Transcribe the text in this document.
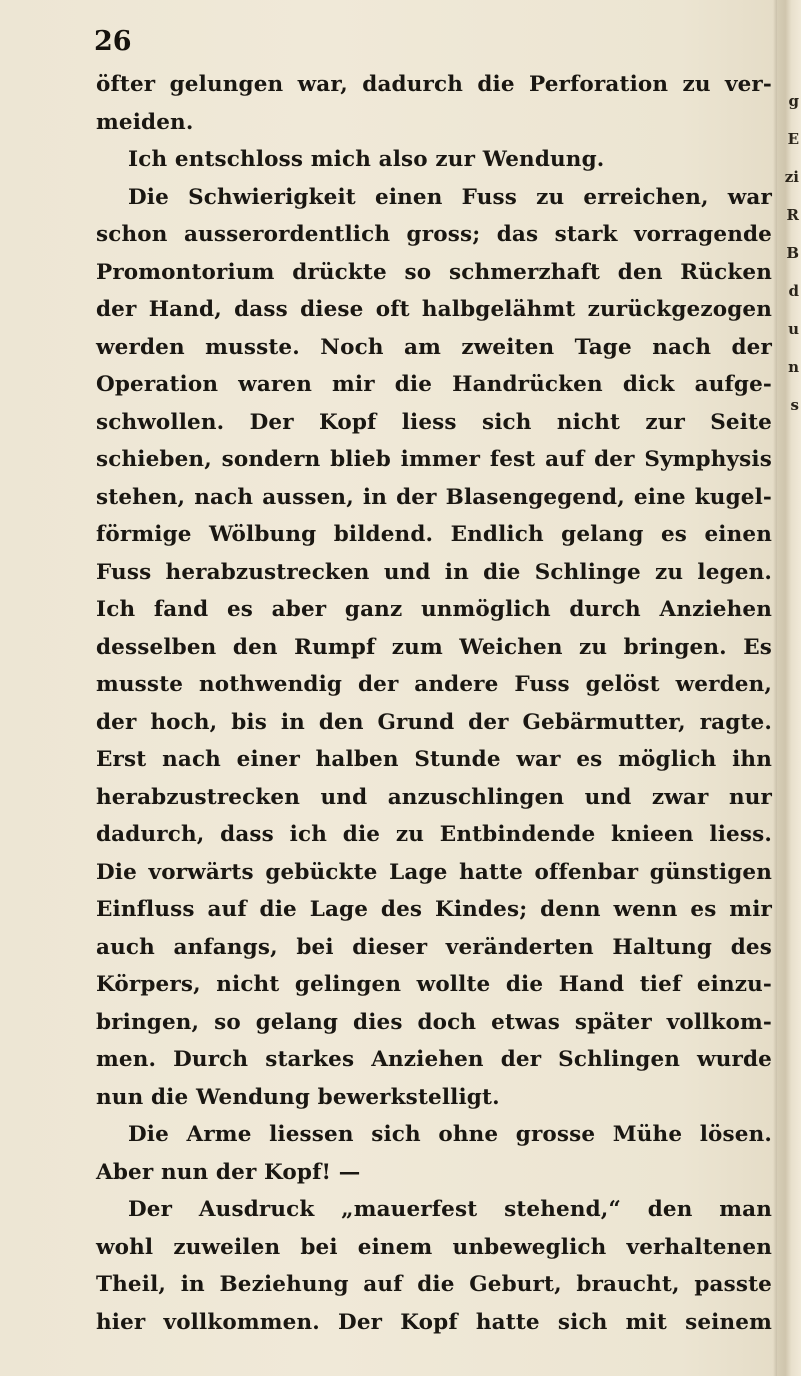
g
E
zi
R
B
d
u
n
s
26
öfter gelungen war, dadurch die Perforation zu ver-
meiden.
Ich entschloss mich also zur Wendung.
Die Schwierigkeit einen Fuss zu erreichen, war
schon ausserordentlich gross; das stark vorragende
Promontorium drückte so schmerzhaft den Rücken
der Hand, dass diese oft halbgelähmt zurückgezogen
werden musste. Noch am zweiten Tage nach der
Operation waren mir die Handrücken dick aufge-
schwollen. Der Kopf liess sich nicht zur Seite
schieben, sondern blieb immer fest auf der Symphysis
stehen, nach aussen, in der Blasengegend, eine kugel-
förmige Wölbung bildend. Endlich gelang es einen
Fuss herabzustrecken und in die Schlinge zu legen.
Ich fand es aber ganz unmöglich durch Anziehen
desselben den Rumpf zum Weichen zu bringen. Es
musste nothwendig der andere Fuss gelöst werden,
der hoch, bis in den Grund der Gebärmutter, ragte.
Erst nach einer halben Stunde war es möglich ihn
herabzustrecken und anzuschlingen und zwar nur
dadurch, dass ich die zu Entbindende knieen liess.
Die vorwärts gebückte Lage hatte offenbar günstigen
Einfluss auf die Lage des Kindes; denn wenn es mir
auch anfangs, bei dieser veränderten Haltung des
Körpers, nicht gelingen wollte die Hand tief einzu-
bringen, so gelang dies doch etwas später vollkom-
men. Durch starkes Anziehen der Schlingen wurde
nun die Wendung bewerkstelligt.
Die Arme liessen sich ohne grosse Mühe lösen.
Aber nun der Kopf! —
Der Ausdruck „mauerfest stehend,“ den man
wohl zuweilen bei einem unbeweglich verhaltenen
Theil, in Beziehung auf die Geburt, braucht, passte
hier vollkommen. Der Kopf hatte sich mit seinem
